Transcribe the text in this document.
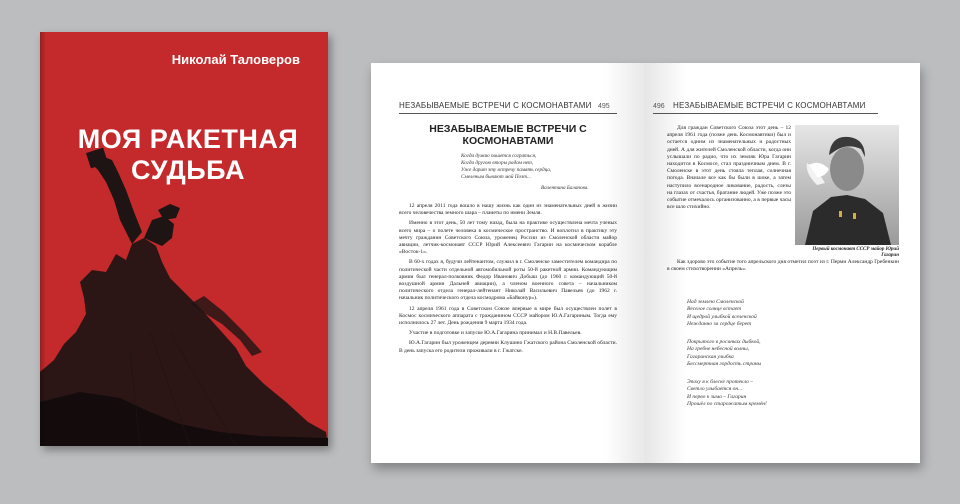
Николай Таловеров
МОЯ РАКЕТНАЯ СУДЬБА
НЕЗАБЫВАЕМЫЕ ВСТРЕЧИ С КОСМОНАВТАМИ 495
НЕЗАБЫВАЕМЫЕ ВСТРЕЧИ С КОСМОНАВТАМИ
Когда думаю пишется сограться,
Когда другою вторы радом нет,
Уже дарит эту встречу память сердца,
Смеленым бывают мой Поэт...
Валентина Баланова.

12 апреля 2011 года вошло в нашу жизнь как один из знаменательных дней в жизни всего человечества земного шара – планеты по имени Земля.

Именно в этот день, 50 лет тому назад, была на практике осуществлена мечта ученых всего мира – о полете человека в космическое пространство. И воплотил в практику эту мечту гражданин Советского Союза, уроженец России из Смоленской области майор авиации, летчик-космонавт СССР Юрий Алексеевич Гагарин на космическом корабле «Восток-1».

В 60-х годах я, будучи лейтенантом, служил в г. Смоленске заместителем командира по политической части отдельной автомобильной роты 50-й ракетной армии. Командующим армии был генерал-полковник Федор Иванович Добыш (до 1960 г. командующий 50-й воздушной армии Дальней авиации), а членом военного совета – начальником политического отдела генерал-лейтенант Николай Васильевич Павельев (до 1962 г. начальник политического отдела космодрома «Байконур»).

12 апреля 1961 года в Советском Союзе впервые в мире был осуществлен полет в Космос космического аппарата с гражданином СССР майором Ю.А.Гагариным. Тогда ему исполнилось 27 лет. День рождения 9 марта 1934 года.

Участие в подготовке и запуске Ю.А.Гагарина принимал и Н.В.Павельев.

Ю.А.Гагарин был уроженцем деревни Клушино Гжатского района Смоленской области. В день запуска его родители проживали в г. Гжатске.

496 НЕЗАБЫВАЕМЫЕ ВСТРЕЧИ С КОСМОНАВТАМИ

Для граждан Советского Союза этот день – 12 апреля 1961 года (позже день Космонавтики) был и остается одним из знаменательных и радостных дней. А для жителей Смоленской области, когда они услышали по радио, что их земляк Юра Гагарин находится в Космосе, стал праздничным днем. В г. Смоленске в этот день стояла теплая, солнечная погода. Вначале все как бы были в шоке, а затем наступило всенародное ликование, радость, слезы на глазах от счастья, братание людей. Уже позже это событие отмечалось организованно, а в первые часы все шло стихийно.

Первый космонавт СССР майор Юрий Гагарин

Как здорово это событие того апрельского дня отметил поэт из г. Перми Александр Гребенкин в своем стихотворении «Апрель».

Над землею Смоленской
Веселое солнце встает
И щедрой улыбкой вселенской
Нежданно за сердце берет
Покрытого в росинках дыбкой,
На гребне небесной волны,
Гагаринская улыбка
Бессмертная гордость страны
Эпоху я к блеске протекло –
Светло улыбается он...
И перво к зима – Гагарин
Прошёл по старожатым кремён!
